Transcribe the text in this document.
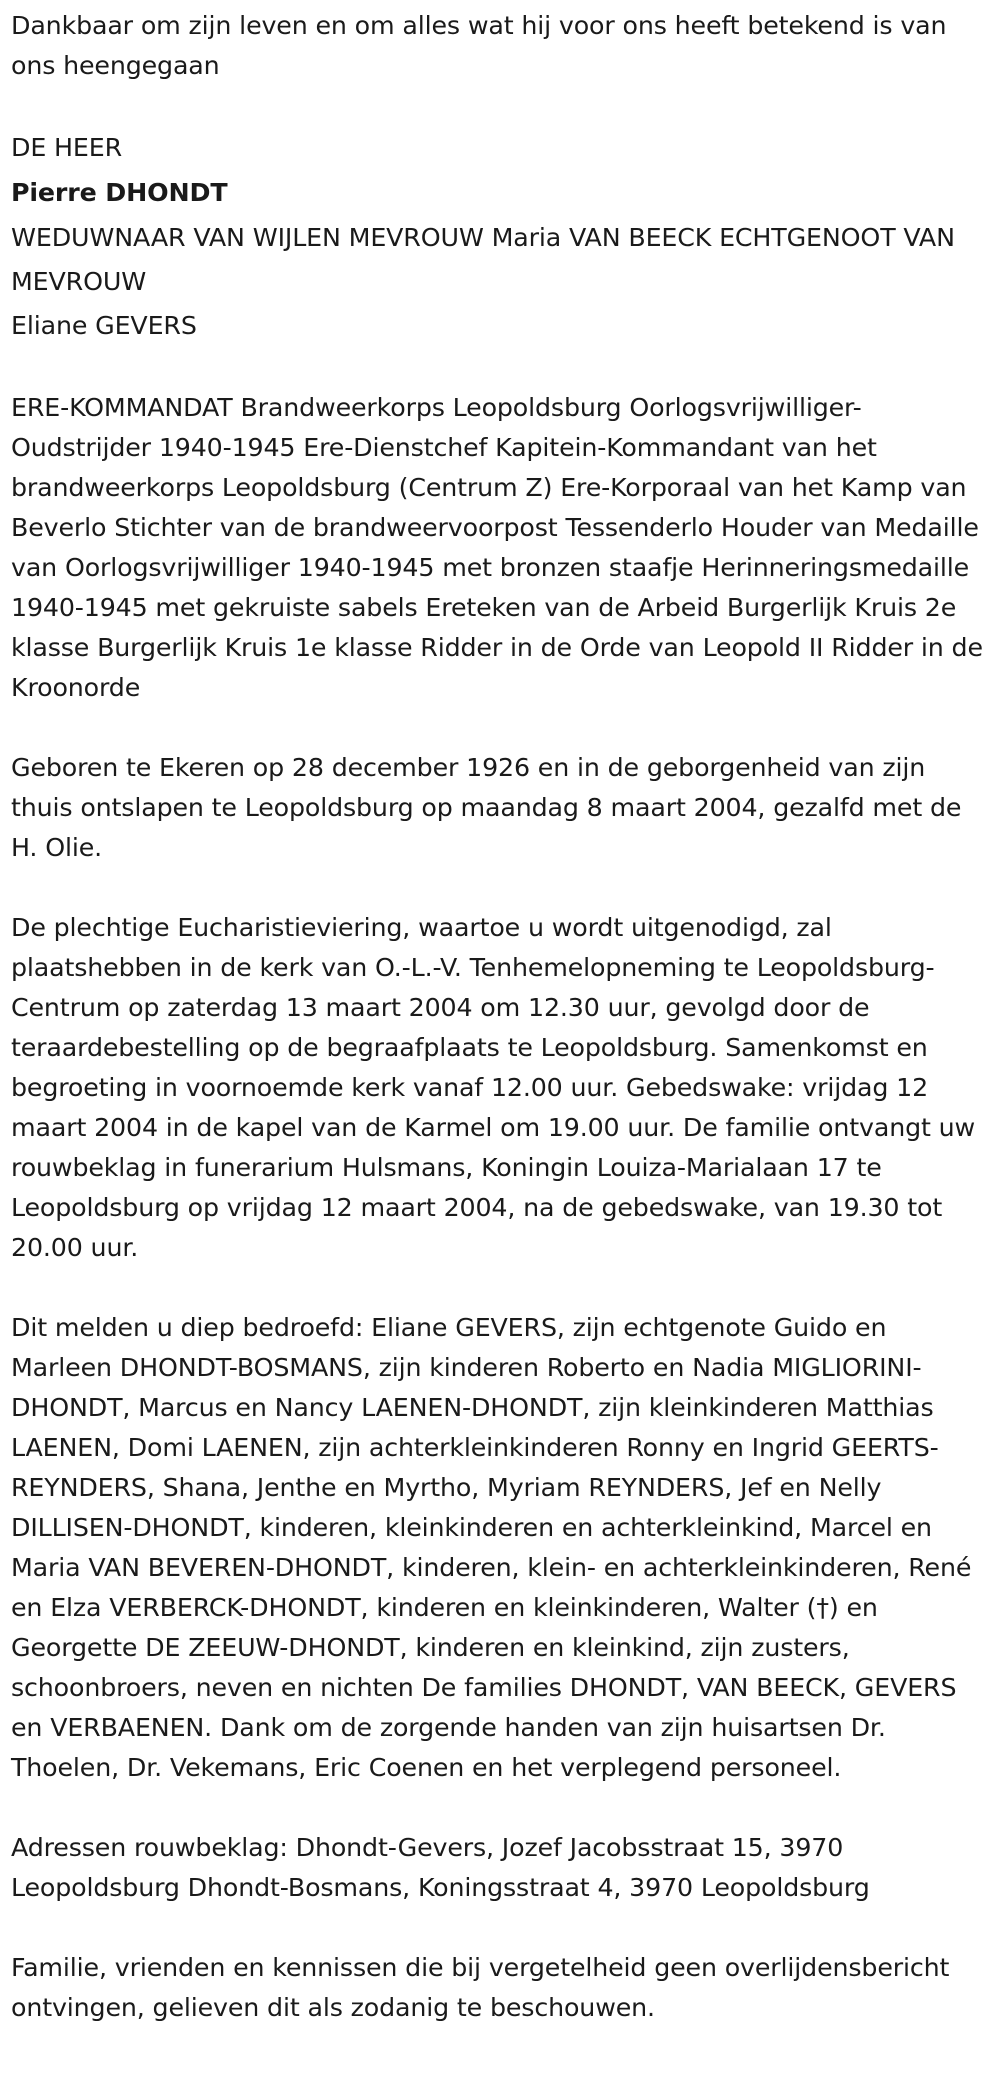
Dankbaar om zijn leven en om alles wat hij voor ons heeft betekend is van ons heengegaan

DE HEER

Pierre DHONDT

WEDUWNAAR VAN WIJLEN MEVROUW Maria VAN BEECK ECHTGENOOT VAN MEVROUW

Eliane GEVERS

ERE-KOMMANDAT Brandweerkorps Leopoldsburg Oorlogsvrijwilliger-Oudstrijder 1940-1945 Ere-Dienstchef Kapitein-Kommandant van het brandweerkorps Leopoldsburg (Centrum Z) Ere-Korporaal van het Kamp van Beverlo Stichter van de brandweervoorpost Tessenderlo Houder van Medaille van Oorlogsvrijwilliger 1940-1945 met bronzen staafje Herinneringsmedaille 1940-1945 met gekruiste sabels Ereteken van de Arbeid Burgerlijk Kruis 2e klasse Burgerlijk Kruis 1e klasse Ridder in de Orde van Leopold II Ridder in de Kroonorde

Geboren te Ekeren op 28 december 1926 en in de geborgenheid van zijn thuis ontslapen te Leopoldsburg op maandag 8 maart 2004, gezalfd met de H. Olie.

De plechtige Eucharistieviering, waartoe u wordt uitgenodigd, zal plaatshebben in de kerk van O.-L.-V. Tenhemelopneming te Leopoldsburg-Centrum op zaterdag 13 maart 2004 om 12.30 uur, gevolgd door de teraardebestelling op de begraafplaats te Leopoldsburg. Samenkomst en begroeting in voornoemde kerk vanaf 12.00 uur. Gebedswake: vrijdag 12 maart 2004 in de kapel van de Karmel om 19.00 uur. De familie ontvangt uw rouwbeklag in funerarium Hulsmans, Koningin Louiza-Marialaan 17 te Leopoldsburg op vrijdag 12 maart 2004, na de gebedswake, van 19.30 tot 20.00 uur.

Dit melden u diep bedroefd: Eliane GEVERS, zijn echtgenote Guido en Marleen DHONDT-BOSMANS, zijn kinderen Roberto en Nadia MIGLIORINI-DHONDT, Marcus en Nancy LAENEN-DHONDT, zijn kleinkinderen Matthias LAENEN, Domi LAENEN, zijn achterkleinkinderen Ronny en Ingrid GEERTS-REYNDERS, Shana, Jenthe en Myrtho, Myriam REYNDERS, Jef en Nelly DILLISEN-DHONDT, kinderen, kleinkinderen en achterkleinkind, Marcel en Maria VAN BEVEREN-DHONDT, kinderen, klein- en achterkleinkinderen, René en Elza VERBERCK-DHONDT, kinderen en kleinkinderen, Walter (†) en Georgette DE ZEEUW-DHONDT, kinderen en kleinkind, zijn zusters, schoonbroers, neven en nichten De families DHONDT, VAN BEECK, GEVERS en VERBAENEN. Dank om de zorgende handen van zijn huisartsen Dr. Thoelen, Dr. Vekemans, Eric Coenen en het verplegend personeel.

Adressen rouwbeklag: Dhondt-Gevers, Jozef Jacobsstraat 15, 3970 Leopoldsburg Dhondt-Bosmans, Koningsstraat 4, 3970 Leopoldsburg

Familie, vrienden en kennissen die bij vergetelheid geen overlijdensbericht ontvingen, gelieven dit als zodanig te beschouwen.
